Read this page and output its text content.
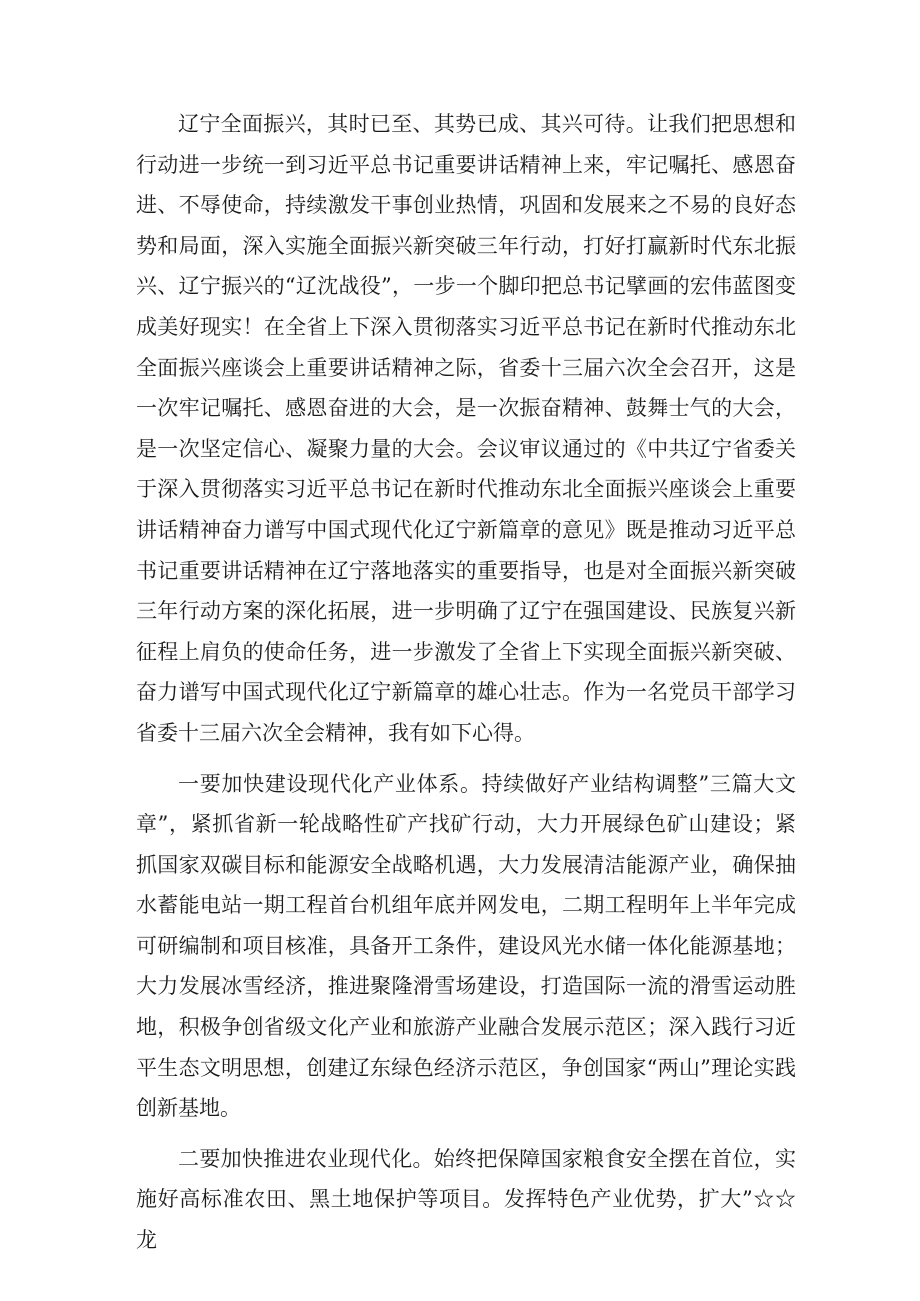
辽宁全面振兴，其时已至、其势已成、其兴可待。让我们把思想和行动进一步统一到习近平总书记重要讲话精神上来，牢记嘱托、感恩奋进、不辱使命，持续激发干事创业热情，巩固和发展来之不易的良好态势和局面，深入实施全面振兴新突破三年行动，打好打赢新时代东北振兴、辽宁振兴的“辽沈战役”，一步一个脚印把总书记擘画的宏伟蓝图变成美好现实！在全省上下深入贯彻落实习近平总书记在新时代推动东北全面振兴座谈会上重要讲话精神之际，省委十三届六次全会召开，这是一次牢记嘱托、感恩奋进的大会，是一次振奋精神、鼓舞士气的大会，是一次坚定信心、凝聚力量的大会。会议审议通过的《中共辽宁省委关于深入贯彻落实习近平总书记在新时代推动东北全面振兴座谈会上重要讲话精神奋力谱写中国式现代化辽宁新篇章的意见》既是推动习近平总书记重要讲话精神在辽宁落地落实的重要指导，也是对全面振兴新突破三年行动方案的深化拓展，进一步明确了辽宁在强国建设、民族复兴新征程上肩负的使命任务，进一步激发了全省上下实现全面振兴新突破、奋力谱写中国式现代化辽宁新篇章的雄心壮志。作为一名党员干部学习省委十三届六次全会精神，我有如下心得。

一要加快建设现代化产业体系。持续做好产业结构调整”三篇大文章”，紧抓省新一轮战略性矿产找矿行动，大力开展绿色矿山建设；紧抓国家双碳目标和能源安全战略机遇，大力发展清洁能源产业，确保抽水蓄能电站一期工程首台机组年底并网发电，二期工程明年上半年完成可研编制和项目核准，具备开工条件，建设风光水储一体化能源基地；大力发展冰雪经济，推进聚隆滑雪场建设，打造国际一流的滑雪运动胜地，积极争创省级文化产业和旅游产业融合发展示范区；深入践行习近平生态文明思想，创建辽东绿色经济示范区，争创国家“两山”理论实践创新基地。

二要加快推进农业现代化。始终把保障国家粮食安全摆在首位，实施好高标准农田、黑土地保护等项目。发挥特色产业优势，扩大”☆☆龙
